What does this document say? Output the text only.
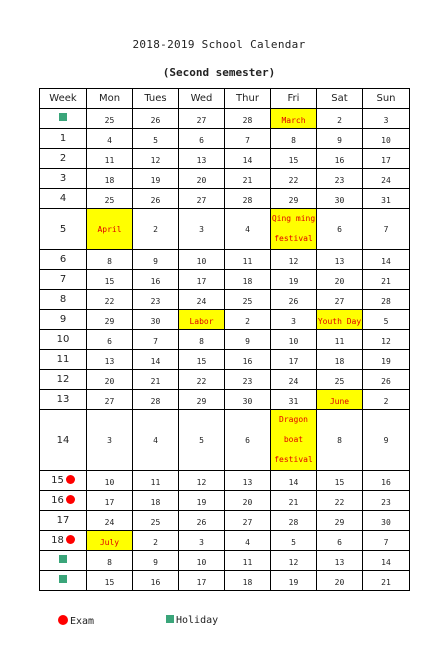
2018-2019 School Calendar
(Second semester)
Week	Mon	Tues	Wed	Thur	Fri	Sat	Sun

	25	26	27	28	March	2	3

1	4	5	6	7	8	9	10

2	11	12	13	14	15	16	17

3	18	19	20	21	22	23	24

4	25	26	27	28	29	30	31

5	April	2	3	4	Qing ming
festival	6	7

6	8	9	10	11	12	13	14

7	15	16	17	18	19	20	21

8	22	23	24	25	26	27	28

9	29	30	Labor	2	3	Youth Day	5

10	6	7	8	9	10	11	12

11	13	14	15	16	17	18	19

12	20	21	22	23	24	25	26

13	27	28	29	30	31	June	2

14	3	4	5	6	Dragon
boat
festival	8	9

15	10	11	12	13	14	15	16

16	17	18	19	20	21	22	23

17	24	25	26	27	28	29	30

18	July	2	3	4	5	6	7

	8	9	10	11	12	13	14

	15	16	17	18	19	20	21
Exam	Holiday
